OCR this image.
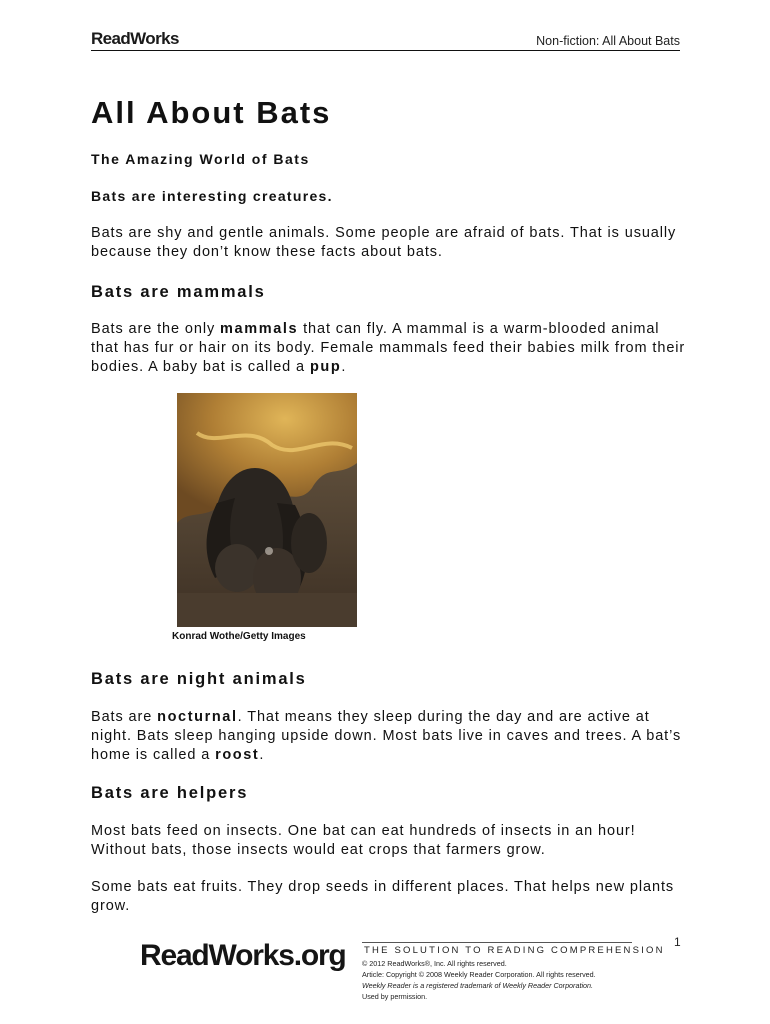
ReadWorks	Non-fiction: All About Bats
All About Bats
The Amazing World of Bats
Bats are interesting creatures.

Bats are shy and gentle animals. Some people are afraid of bats. That is usually because they don’t know these facts about bats.

Bats are mammals

Bats are the only mammals that can fly. A mammal is a warm-blooded animal that has fur or hair on its body. Female mammals feed their babies milk from their bodies. A baby bat is called a pup.

Konrad Wothe/Getty Images
Bats are night animals

Bats are nocturnal. That means they sleep during the day and are active at night. Bats sleep hanging upside down. Most bats live in caves and trees. A bat’s home is called a roost.

Bats are helpers

Most bats feed on insects. One bat can eat hundreds of insects in an hour! Without bats, those insects would eat crops that farmers grow.

Some bats eat fruits. They drop seeds in different places. That helps new plants grow.

1
ReadWorks.org THE SOLUTION TO READING COMPREHENSION
© 2012 ReadWorks®, Inc. All rights reserved.
Article: Copyright © 2008 Weekly Reader Corporation. All rights reserved.
Weekly Reader is a registered trademark of Weekly Reader Corporation.
Used by permission.
